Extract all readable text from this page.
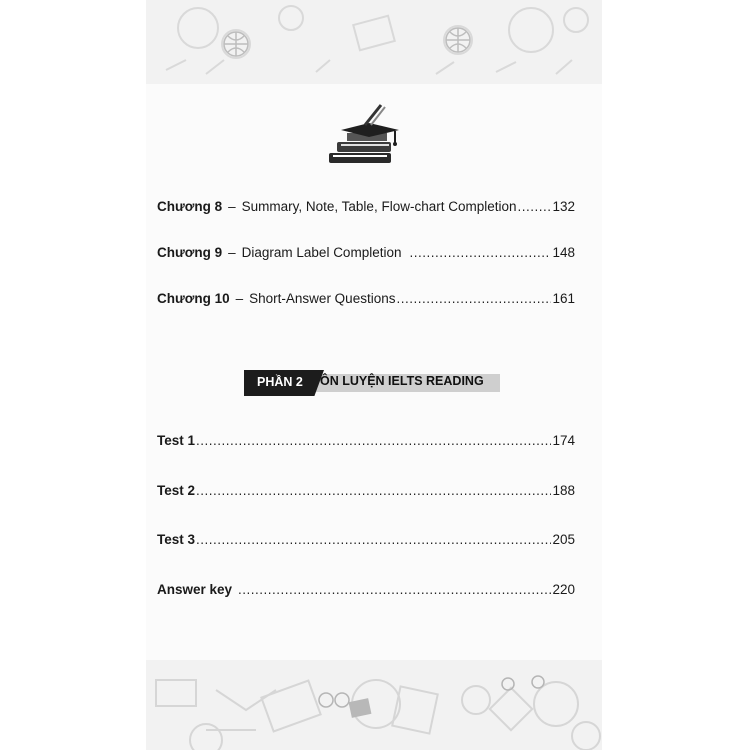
Chương 8 – Summary, Note, Table, Flow-chart Completion .....	132
Chương 9 – Diagram Label Completion .....	148
Chương 10 – Short-Answer Questions .....	161
PHẦN 2 ÔN LUYỆN IELTS READING
Test 1 .....	174
Test 2 .....	188
Test 3 .....	205
Answer key .....	220
